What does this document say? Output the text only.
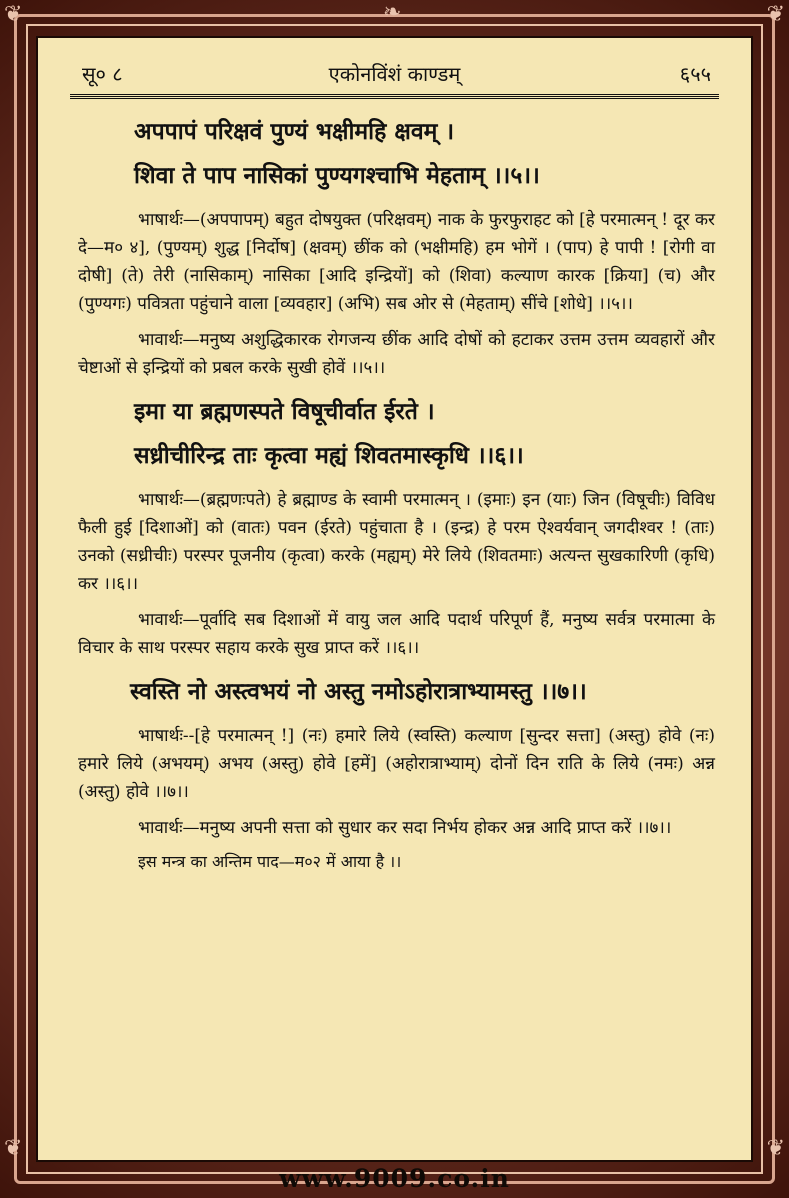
❦	❦
❦	❦
❧
सू० ८	एकोनविंशं काण्डम्	६५५
अपपापं परिक्षवं पुण्यं भक्षीमहि क्षवम् ।
शिवा ते पाप नासिकां पुण्यगश्चाभि मेहताम् ।।५।।

भाषार्थः—(अपपापम्) बहुत दोषयुक्त (परिक्षवम्) नाक के फुरफुराहट को [हे परमात्मन् ! दूर कर दे—म० ४], (पुण्यम्) शुद्ध [निर्दोष] (क्षवम्) छींक को (भक्षीमहि) हम भोगें । (पाप) हे पापी ! [रोगी वा दोषी] (ते) तेरी (नासिकाम्) नासिका [आदि इन्द्रियों] को (शिवा) कल्याण कारक [क्रिया] (च) और (पुण्यगः) पवित्रता पहुंचाने वाला [व्यवहार] (अभि) सब ओर से (मेहताम्) सींचे [शोधे] ।।५।।

भावार्थः—मनुष्य अशुद्धिकारक रोगजन्य छींक आदि दोषों को हटाकर उत्तम उत्तम व्यवहारों और चेष्टाओं से इन्द्रियों को प्रबल करके सुखी होवें ।।५।।

इमा या ब्रह्मणस्पते विषूचीर्वात ईरते ।
सध्रीचीरिन्द्र ताः कृत्वा मह्यं शिवतमास्कृधि ।।६।।

भाषार्थः—(ब्रह्मणःपते) हे ब्रह्माण्ड के स्वामी परमात्मन् । (इमाः) इन (याः) जिन (विषूचीः) विविध फैली हुई [दिशाओं] को (वातः) पवन (ईरते) पहुंचाता है । (इन्द्र) हे परम ऐश्वर्यवान् जगदीश्वर ! (ताः) उनको (सध्रीचीः) परस्पर पूजनीय (कृत्वा) करके (मह्यम्) मेरे लिये (शिवतमाः) अत्यन्त सुखकारिणी (कृधि) कर ।।६।।

भावार्थः—पूर्वादि सब दिशाओं में वायु जल आदि पदार्थ परिपूर्ण हैं, मनुष्य सर्वत्र परमात्मा के विचार के साथ परस्पर सहाय करके सुख प्राप्त करें ।।६।।

स्वस्ति नो अस्त्वभयं नो अस्तु नमोऽहोरात्राभ्यामस्तु ।।७।।

भाषार्थः--[हे परमात्मन् !] (नः) हमारे लिये (स्वस्ति) कल्याण [सुन्दर सत्ता] (अस्तु) होवे (नः) हमारे लिये (अभयम्) अभय (अस्तु) होवे [हमें] (अहोरात्राभ्याम्) दोनों दिन राति के लिये (नमः) अन्न (अस्तु) होवे ।।७।।

भावार्थः—मनुष्य अपनी सत्ता को सुधार कर सदा निर्भय होकर अन्न आदि प्राप्त करें ।।७।।

इस मन्त्र का अन्तिम पाद—म०२ में आया है ।।

www.9009.co.in
